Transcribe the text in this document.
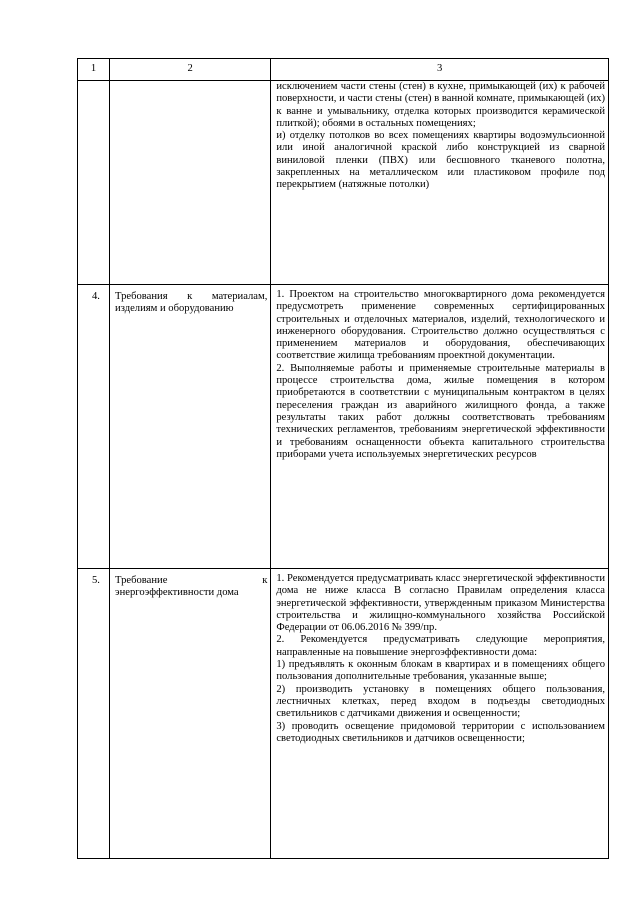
1	2	3

		исключением части стены (стен) в кухне, примыкающей (их) к рабочей поверхности, и части стены (стен) в ванной комнате, примыкающей (их) к ванне и умывальнику, отделка которых производится керамической плиткой); обоями в остальных помещениях;

и) отделку потолков во всех помещениях квартиры водоэмульсионной или иной аналогичной краской либо конструкцией из сварной виниловой пленки (ПВХ) или бесшовного тканевого полотна, закрепленных на металлическом или пластиковом профиле под перекрытием (натяжные потолки)

4.	Требования к материалам, изделиям и оборудованию	1. Проектом на строительство многоквартирного дома рекомендуется предусмотреть применение современных сертифицированных строительных и отделочных материалов, изделий, технологического и инженерного оборудования. Строительство должно осуществляться с применением материалов и оборудования, обеспечивающих соответствие жилища требованиям проектной документации.

2. Выполняемые работы и применяемые строительные материалы в процессе строительства дома, жилые помещения в котором приобретаются в соответствии с муниципальным контрактом в целях переселения граждан из аварийного жилищного фонда, а также результаты таких работ должны соответствовать требованиям технических регламентов, требованиям энергетической эффективности и требованиям оснащенности объекта капитального строительства приборами учета используемых энергетических ресурсов

5.	Требование к энергоэффективности дома	1. Рекомендуется предусматривать класс энергетической эффективности дома не ниже класса В согласно Правилам определения класса энергетической эффективности, утвержденным приказом Министерства строительства и жилищно-коммунального хозяйства Российской Федерации от 06.06.2016 № 399/пр.

2. Рекомендуется предусматривать следующие мероприятия, направленные на повышение энергоэффективности дома:

1) предъявлять к оконным блокам в квартирах и в помещениях общего пользования дополнительные требования, указанные выше;

2) производить установку в помещениях общего пользования, лестничных клетках, перед входом в подъезды светодиодных светильников с датчиками движения и освещенности;

3) проводить освещение придомовой территории с использованием светодиодных светильников и датчиков освещенности;
